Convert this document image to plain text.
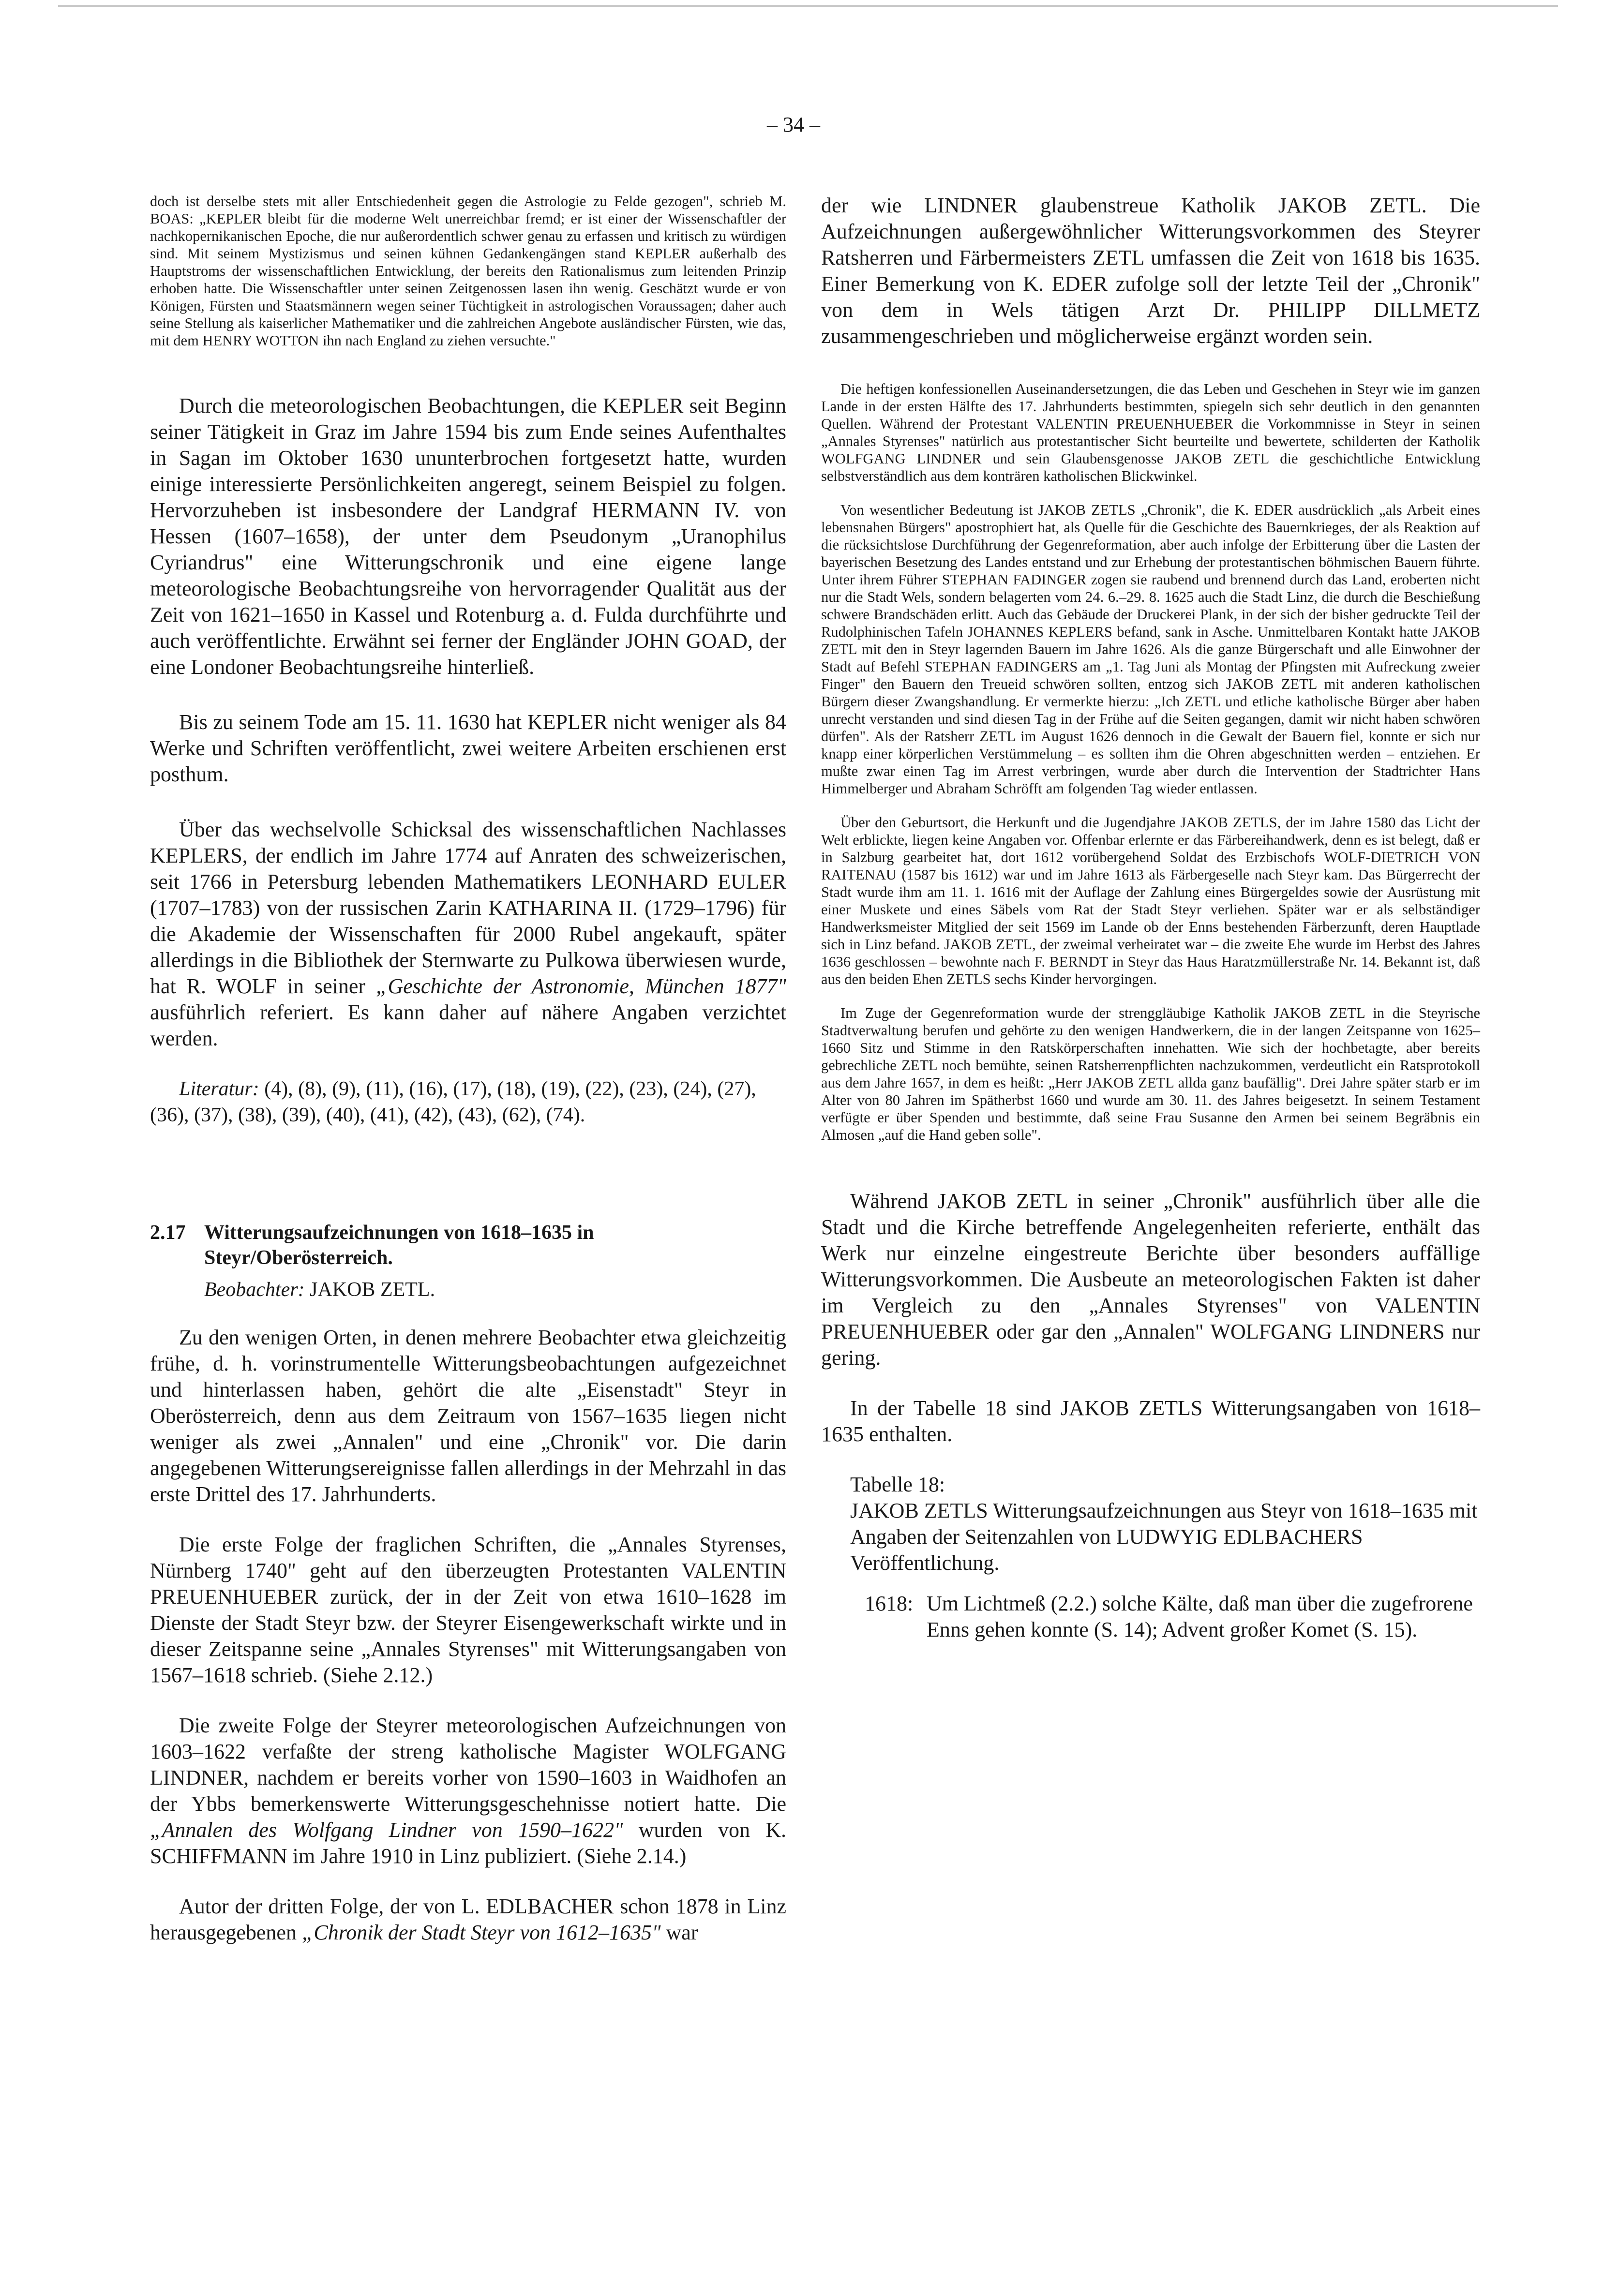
– 34 –

doch ist derselbe stets mit aller Entschiedenheit gegen die Astrologie zu Felde gezogen", schrieb M. BOAS: „KEPLER bleibt für die moderne Welt unerreichbar fremd; er ist einer der Wissenschaftler der nachkopernikanischen Epoche, die nur außerordentlich schwer genau zu erfassen und kritisch zu würdigen sind. Mit seinem Mystizismus und seinen kühnen Gedankengängen stand KEPLER außerhalb des Hauptstroms der wissenschaftlichen Entwicklung, der bereits den Rationalismus zum leitenden Prinzip erhoben hatte. Die Wissenschaftler unter seinen Zeitgenossen lasen ihn wenig. Geschätzt wurde er von Königen, Fürsten und Staatsmännern wegen seiner Tüchtigkeit in astrologischen Voraussagen; daher auch seine Stellung als kaiserlicher Mathematiker und die zahlreichen Angebote ausländischer Fürsten, wie das, mit dem HENRY WOTTON ihn nach England zu ziehen versuchte."

Durch die meteorologischen Beobachtungen, die KEPLER seit Beginn seiner Tätigkeit in Graz im Jahre 1594 bis zum Ende seines Aufenthaltes in Sagan im Oktober 1630 ununterbrochen fortgesetzt hatte, wurden einige interessierte Persönlichkeiten angeregt, seinem Beispiel zu folgen. Hervorzuheben ist insbesondere der Landgraf HERMANN IV. von Hessen (1607–1658), der unter dem Pseudonym „Uranophilus Cyriandrus" eine Witterungschronik und eine eigene lange meteorologische Beobachtungsreihe von hervorragender Qualität aus der Zeit von 1621–1650 in Kassel und Rotenburg a. d. Fulda durchführte und auch veröffentlichte. Erwähnt sei ferner der Engländer JOHN GOAD, der eine Londoner Beobachtungsreihe hinterließ.

Bis zu seinem Tode am 15. 11. 1630 hat KEPLER nicht weniger als 84 Werke und Schriften veröffentlicht, zwei weitere Arbeiten erschienen erst posthum.

Über das wechselvolle Schicksal des wissenschaftlichen Nachlasses KEPLERS, der endlich im Jahre 1774 auf Anraten des schweizerischen, seit 1766 in Petersburg lebenden Mathematikers LEONHARD EULER (1707–1783) von der russischen Zarin KATHARINA II. (1729–1796) für die Akademie der Wissenschaften für 2000 Rubel angekauft, später allerdings in die Bibliothek der Sternwarte zu Pulkowa überwiesen wurde, hat R. WOLF in seiner „Geschichte der Astronomie, München 1877" ausführlich referiert. Es kann daher auf nähere Angaben verzichtet werden.

Literatur: (4), (8), (9), (11), (16), (17), (18), (19), (22), (23), (24), (27), (36), (37), (38), (39), (40), (41), (42), (43), (62), (74).

2.17 Witterungsaufzeichnungen von 1618–1635 in Steyr/Oberösterreich.

Beobachter: JAKOB ZETL.

Zu den wenigen Orten, in denen mehrere Beobachter etwa gleichzeitig frühe, d. h. vorinstrumentelle Witterungsbeobachtungen aufgezeichnet und hinterlassen haben, gehört die alte „Eisenstadt" Steyr in Oberösterreich, denn aus dem Zeitraum von 1567–1635 liegen nicht weniger als zwei „Annalen" und eine „Chronik" vor. Die darin angegebenen Witterungsereignisse fallen allerdings in der Mehrzahl in das erste Drittel des 17. Jahrhunderts.

Die erste Folge der fraglichen Schriften, die „Annales Styrenses, Nürnberg 1740" geht auf den überzeugten Protestanten VALENTIN PREUENHUEBER zurück, der in der Zeit von etwa 1610–1628 im Dienste der Stadt Steyr bzw. der Steyrer Eisengewerkschaft wirkte und in dieser Zeitspanne seine „Annales Styrenses" mit Witterungsangaben von 1567–1618 schrieb. (Siehe 2.12.)

Die zweite Folge der Steyrer meteorologischen Aufzeichnungen von 1603–1622 verfaßte der streng katholische Magister WOLFGANG LINDNER, nachdem er bereits vorher von 1590–1603 in Waidhofen an der Ybbs bemerkenswerte Witterungsgeschehnisse notiert hatte. Die „Annalen des Wolfgang Lindner von 1590–1622" wurden von K. SCHIFFMANN im Jahre 1910 in Linz publiziert. (Siehe 2.14.)

Autor der dritten Folge, der von L. EDLBACHER schon 1878 in Linz herausgegebenen „Chronik der Stadt Steyr von 1612–1635" war

der wie LINDNER glaubenstreue Katholik JAKOB ZETL. Die Aufzeichnungen außergewöhnlicher Witterungsvorkommen des Steyrer Ratsherren und Färbermeisters ZETL umfassen die Zeit von 1618 bis 1635. Einer Bemerkung von K. EDER zufolge soll der letzte Teil der „Chronik" von dem in Wels tätigen Arzt Dr. PHILIPP DILLMETZ zusammengeschrieben und möglicherweise ergänzt worden sein.

Die heftigen konfessionellen Auseinandersetzungen, die das Leben und Geschehen in Steyr wie im ganzen Lande in der ersten Hälfte des 17. Jahrhunderts bestimmten, spiegeln sich sehr deutlich in den genannten Quellen. Während der Protestant VALENTIN PREUENHUEBER die Vorkommnisse in Steyr in seinen „Annales Styrenses" natürlich aus protestantischer Sicht beurteilte und bewertete, schilderten der Katholik WOLFGANG LINDNER und sein Glaubensgenosse JAKOB ZETL die geschichtliche Entwicklung selbstverständlich aus dem konträren katholischen Blickwinkel.

Von wesentlicher Bedeutung ist JAKOB ZETLS „Chronik", die K. EDER ausdrücklich „als Arbeit eines lebensnahen Bürgers" apostrophiert hat, als Quelle für die Geschichte des Bauernkrieges, der als Reaktion auf die rücksichtslose Durchführung der Gegenreformation, aber auch infolge der Erbitterung über die Lasten der bayerischen Besetzung des Landes entstand und zur Erhebung der protestantischen böhmischen Bauern führte. Unter ihrem Führer STEPHAN FADINGER zogen sie raubend und brennend durch das Land, eroberten nicht nur die Stadt Wels, sondern belagerten vom 24. 6.–29. 8. 1625 auch die Stadt Linz, die durch die Beschießung schwere Brandschäden erlitt. Auch das Gebäude der Druckerei Plank, in der sich der bisher gedruckte Teil der Rudolphinischen Tafeln JOHANNES KEPLERS befand, sank in Asche. Unmittelbaren Kontakt hatte JAKOB ZETL mit den in Steyr lagernden Bauern im Jahre 1626. Als die ganze Bürgerschaft und alle Einwohner der Stadt auf Befehl STEPHAN FADINGERS am „1. Tag Juni als Montag der Pfingsten mit Aufreckung zweier Finger" den Bauern den Treueid schwören sollten, entzog sich JAKOB ZETL mit anderen katholischen Bürgern dieser Zwangshandlung. Er vermerkte hierzu: „Ich ZETL und etliche katholische Bürger aber haben unrecht verstanden und sind diesen Tag in der Frühe auf die Seiten gegangen, damit wir nicht haben schwören dürfen". Als der Ratsherr ZETL im August 1626 dennoch in die Gewalt der Bauern fiel, konnte er sich nur knapp einer körperlichen Verstümmelung – es sollten ihm die Ohren abgeschnitten werden – entziehen. Er mußte zwar einen Tag im Arrest verbringen, wurde aber durch die Intervention der Stadtrichter Hans Himmelberger und Abraham Schröfft am folgenden Tag wieder entlassen.

Über den Geburtsort, die Herkunft und die Jugendjahre JAKOB ZETLS, der im Jahre 1580 das Licht der Welt erblickte, liegen keine Angaben vor. Offenbar erlernte er das Färbereihandwerk, denn es ist belegt, daß er in Salzburg gearbeitet hat, dort 1612 vorübergehend Soldat des Erzbischofs WOLF-DIETRICH VON RAITENAU (1587 bis 1612) war und im Jahre 1613 als Färbergeselle nach Steyr kam. Das Bürgerrecht der Stadt wurde ihm am 11. 1. 1616 mit der Auflage der Zahlung eines Bürgergeldes sowie der Ausrüstung mit einer Muskete und eines Säbels vom Rat der Stadt Steyr verliehen. Später war er als selbständiger Handwerksmeister Mitglied der seit 1569 im Lande ob der Enns bestehenden Färberzunft, deren Hauptlade sich in Linz befand. JAKOB ZETL, der zweimal verheiratet war – die zweite Ehe wurde im Herbst des Jahres 1636 geschlossen – bewohnte nach F. BERNDT in Steyr das Haus Haratzmüllerstraße Nr. 14. Bekannt ist, daß aus den beiden Ehen ZETLS sechs Kinder hervorgingen.

Im Zuge der Gegenreformation wurde der strenggläubige Katholik JAKOB ZETL in die Steyrische Stadtverwaltung berufen und gehörte zu den wenigen Handwerkern, die in der langen Zeitspanne von 1625–1660 Sitz und Stimme in den Ratskörperschaften innehatten. Wie sich der hochbetagte, aber bereits gebrechliche ZETL noch bemühte, seinen Ratsherrenpflichten nachzukommen, verdeutlicht ein Ratsprotokoll aus dem Jahre 1657, in dem es heißt: „Herr JAKOB ZETL allda ganz baufällig". Drei Jahre später starb er im Alter von 80 Jahren im Spätherbst 1660 und wurde am 30. 11. des Jahres beigesetzt. In seinem Testament verfügte er über Spenden und bestimmte, daß seine Frau Susanne den Armen bei seinem Begräbnis ein Almosen „auf die Hand geben solle".

Während JAKOB ZETL in seiner „Chronik" ausführlich über alle die Stadt und die Kirche betreffende Angelegenheiten referierte, enthält das Werk nur einzelne eingestreute Berichte über besonders auffällige Witterungsvorkommen. Die Ausbeute an meteorologischen Fakten ist daher im Vergleich zu den „Annales Styrenses" von VALENTIN PREUENHUEBER oder gar den „Annalen" WOLFGANG LINDNERS nur gering.

In der Tabelle 18 sind JAKOB ZETLS Witterungsangaben von 1618–1635 enthalten.

Tabelle 18:

JAKOB ZETLS Witterungsaufzeichnungen aus Steyr von 1618–1635 mit Angaben der Seitenzahlen von LUDWYIG EDLBACHERS Veröffentlichung.

1618: Um Lichtmeß (2.2.) solche Kälte, daß man über die zugefrorene Enns gehen konnte (S. 14); Advent großer Komet (S. 15).
